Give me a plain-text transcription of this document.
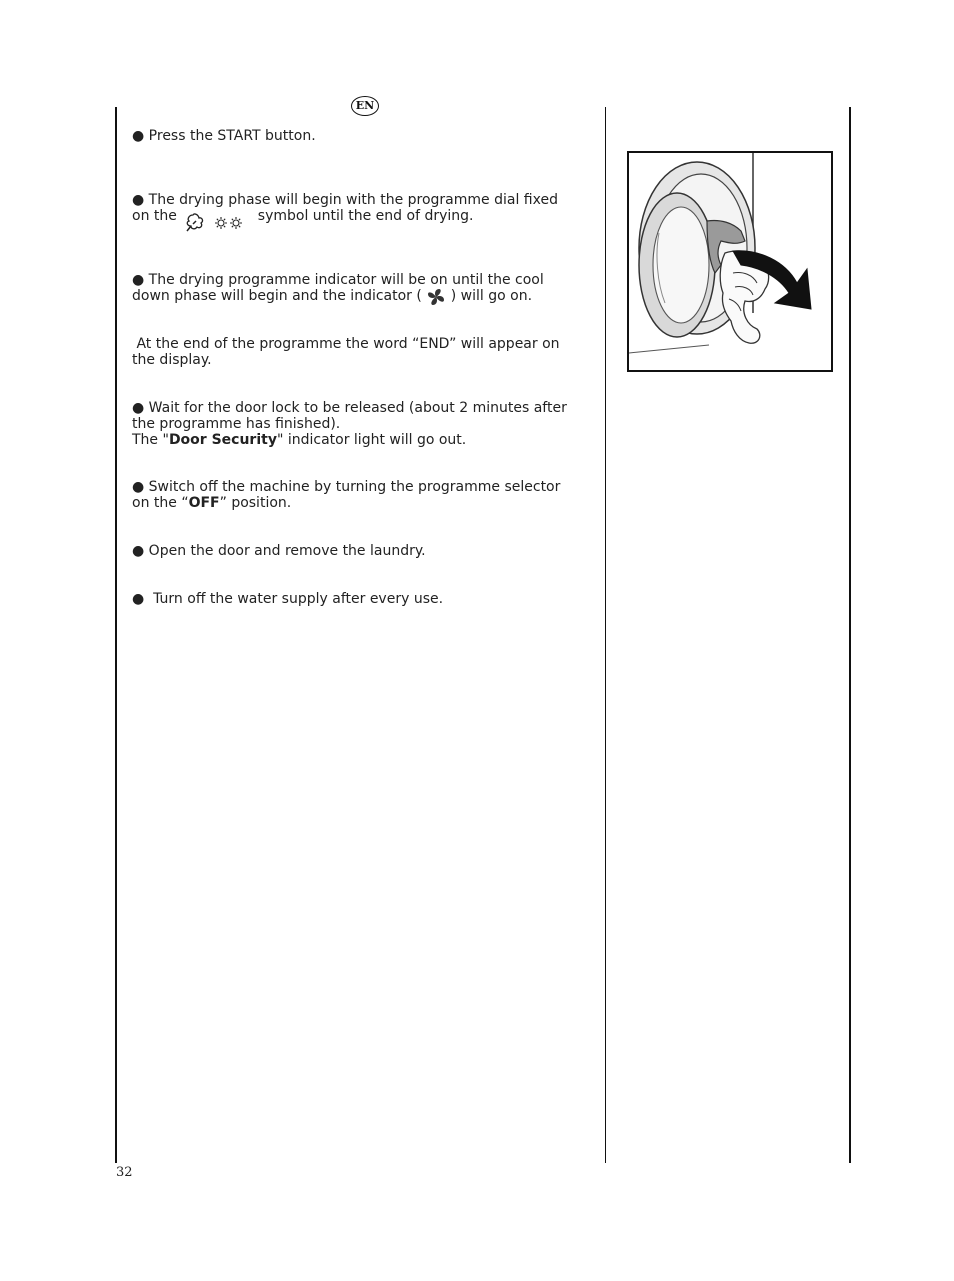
EN
● Press the START button.
● The drying phase will begin with the programme dial fixed
on the	symbol until the end of drying.
● The drying programme indicator will be on until the cool
down phase will begin and the indicator ( ) will go on.
At the end of the programme the word “END” will appear on
the display.
● Wait for the door lock to be released (about 2 minutes after
the programme has finished).
The "Door Security" indicator light will go out.
● Switch off the machine by turning the programme selector
on the “OFF” position.
● Open the door and remove the laundry.
●  Turn off the water supply after every use.
32
